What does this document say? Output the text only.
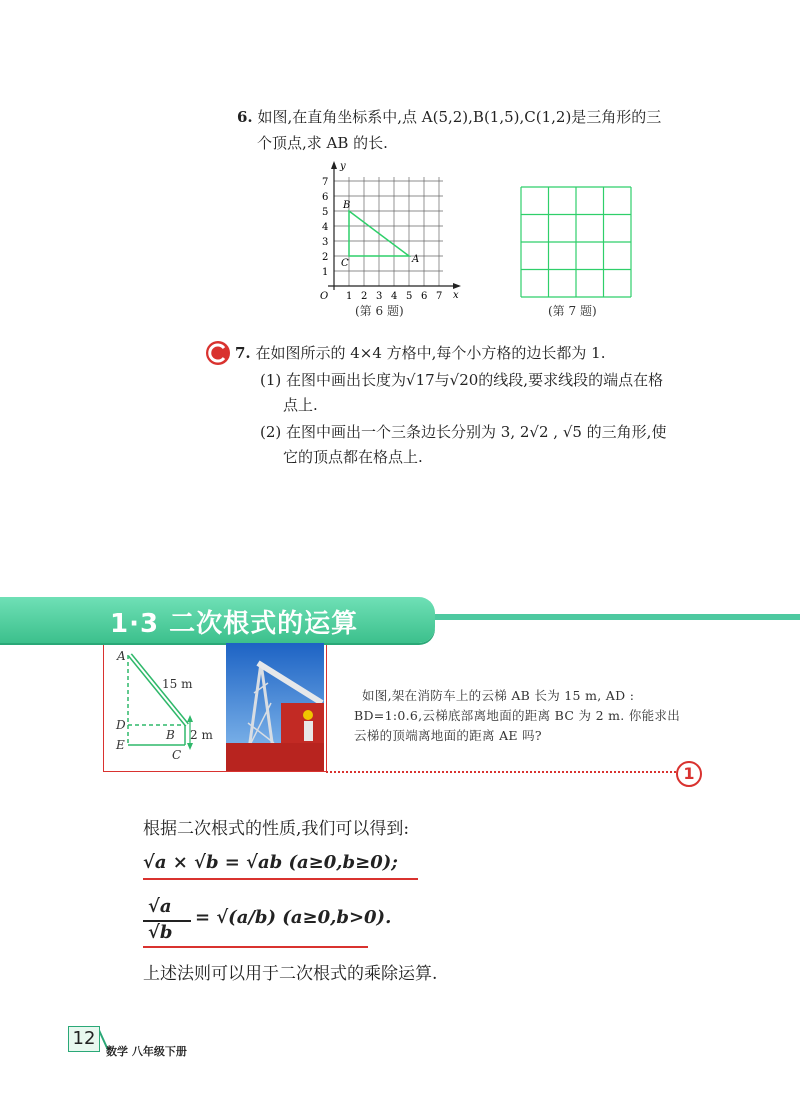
6. 如图,在直角坐标系中,点 A(5,2),B(1,5),C(1,2)是三角形的三
个顶点,求 AB 的长.
1 2 3 4 5 6 7
1
2
3
4
5
6
7
O	x
y
A
B
C
(第 6 题)	(第 7 题)
7. 在如图所示的 4×4 方格中,每个小方格的边长都为 1.
(1) 在图中画出长度为√17与√20的线段,要求线段的端点在格
点上.
(2) 在图中画出一个三条边长分别为 3, 2√2 , √5 的三角形,使
它的顶点都在格点上.
1·3 二次根式的运算
A
15 m
D
E
B 2 m
C
如图,架在消防车上的云梯 AB 长为 15 m, AD :
BD=1:0.6,云梯底部离地面的距离 BC 为 2 m. 你能求出
云梯的顶端离地面的距离 AE 吗?
1
根据二次根式的性质,我们可以得到:
√a × √b = √ab (a≥0,b≥0);
√a
√b
= √(a/b) (a≥0,b>0).
上述法则可以用于二次根式的乘除运算.
12
数学 八年级下册
